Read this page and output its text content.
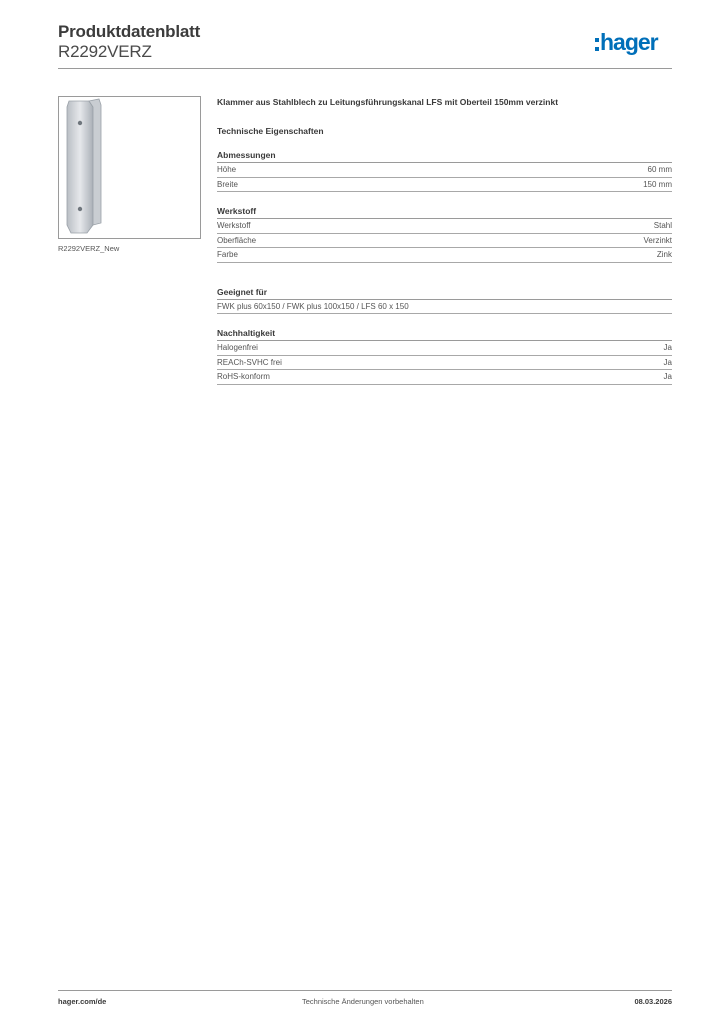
Produktdatenblatt
R2292VERZ	hager
R2292VERZ_New
Klammer aus Stahlblech zu Leitungsführungskanal LFS mit Oberteil 150mm verzinkt
Technische Eigenschaften
Abmessungen
Höhe	60 mm
Breite	150 mm
Werkstoff
Werkstoff	Stahl
Oberfläche	Verzinkt
Farbe	Zink
Geeignet für
FWK plus 60x150 / FWK plus 100x150 / LFS 60 x 150
Nachhaltigkeit
Halogenfrei	Ja
REACh-SVHC frei	Ja
RoHS-konform	Ja
hager.com/de	Technische Änderungen vorbehalten	08.03.2026
